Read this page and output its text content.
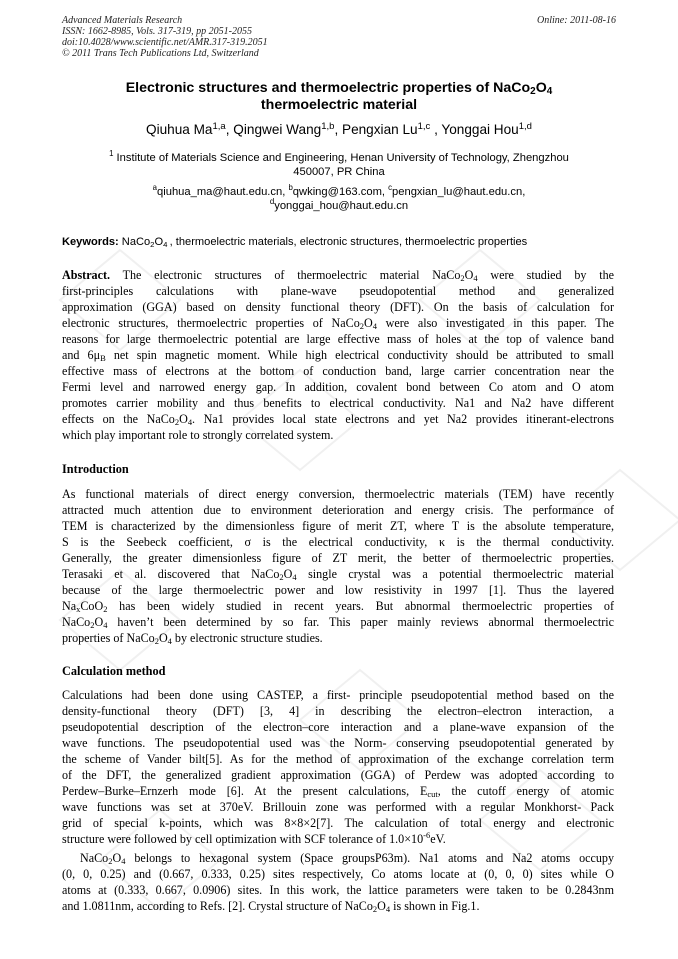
Advanced Materials Research
ISSN: 1662-8985, Vols. 317-319, pp 2051-2055
doi:10.4028/www.scientific.net/AMR.317-319.2051
© 2011 Trans Tech Publications Ltd, Switzerland
Online: 2011-08-16
Electronic structures and thermoelectric properties of $NaCo_2O_4$
thermoelectric material
Qiuhua Ma$^{1,a}$, Qingwei Wang$^{1,b}$, Pengxian Lu$^{1,c}$ , Yonggai Hou$^{1,d}$
$^1$ Institute of Materials Science and Engineering, Henan University of Technology, Zhengzhou
450007, PR China
$^a$qiuhua_ma@haut.edu.cn, $^b$qwking@163.com, $^c$pengxian_lu@haut.edu.cn,
$^d$yonggai_hou@haut.edu.cn
Keywords: $NaCo_2O_4$ , thermoelectric materials, electronic structures, thermoelectric properties
Abstract. The electronic structures of thermoelectric material $NaCo_2O_4$ were studied by the
first-principles calculations with plane-wave pseudopotential method and generalized
approximation (GGA) based on density functional theory (DFT). On the basis of calculation for
electronic structures, thermoelectric properties of $NaCo_2O_4$ were also investigated in this paper. The
reasons for large thermoelectric potential are large effective mass of holes at the top of valence band
and $6\mu_B$ net spin magnetic moment. While high electrical conductivity should be attributed to small
effective mass of electrons at the bottom of conduction band, large carrier concentration near the
Fermi level and narrowed energy gap. In addition, covalent bond between Co atom and O atom
promotes carrier mobility and thus benefits to electrical conductivity. Na1 and Na2 have different
effects on the $NaCo_2O_4$. Na1 provides local state electrons and yet Na2 provides itinerant-electrons
which play important role to strongly correlated system.
Introduction
As functional materials of direct energy conversion, thermoelectric materials (TEM) have recently
attracted much attention due to environment deterioration and energy crisis. The performance of
TEM is characterized by the dimensionless figure of merit ZT, where T is the absolute temperature,
S is the Seebeck coefficient, σ is the electrical conductivity, κ is the thermal conductivity.
Generally, the greater dimensionless figure of ZT merit, the better of thermoelectric properties.
Terasaki et al. discovered that $NaCo_2O_4$ single crystal was a potential thermoelectric material
because of the large thermoelectric power and low resistivity in 1997 [1]. Thus the layered
$Na_xCoO_2$ has been widely studied in recent years. But abnormal thermoelectric properties of
$NaCo_2O_4$ haven’t been determined by so far. This paper mainly reviews abnormal thermoelectric
properties of $NaCo_2O_4$ by electronic structure studies.
Calculation method
Calculations had been done using CASTEP, a first- principle pseudopotential method based on the
density-functional theory (DFT) [3, 4] in describing the electron–electron interaction, a
pseudopotential description of the electron–core interaction and a plane-wave expansion of the
wave functions. The pseudopotential used was the Norm- conserving pseudopotential generated by
the scheme of Vander bilt[5]. As for the method of approximation of the exchange correlation term
of the DFT, the generalized gradient approximation (GGA) of Perdew was adopted according to
Perdew–Burke–Ernzerh mode [6]. At the present calculations, $E_{cut}$, the cutoff energy of atomic
wave functions was set at 370eV. Brillouin zone was performed with a regular Monkhorst- Pack
grid of special k-points, which was 8×8×2[7]. The calculation of total energy and electronic
structure were followed by cell optimization with SCF tolerance of $1.0\times 10^{-6}eV$.
$NaCo_2O_4$ belongs to hexagonal system (Space groupsP63m). Na1 atoms and Na2 atoms occupy
(0, 0, 0.25) and (0.667, 0.333, 0.25) sites respectively, Co atoms locate at (0, 0, 0) sites while O
atoms at (0.333, 0.667, 0.0906) sites. In this work, the lattice parameters were taken to be 0.2843nm
and 1.0811nm, according to Refs. [2]. Crystal structure of $NaCo_2O_4$ is shown in Fig.1.
